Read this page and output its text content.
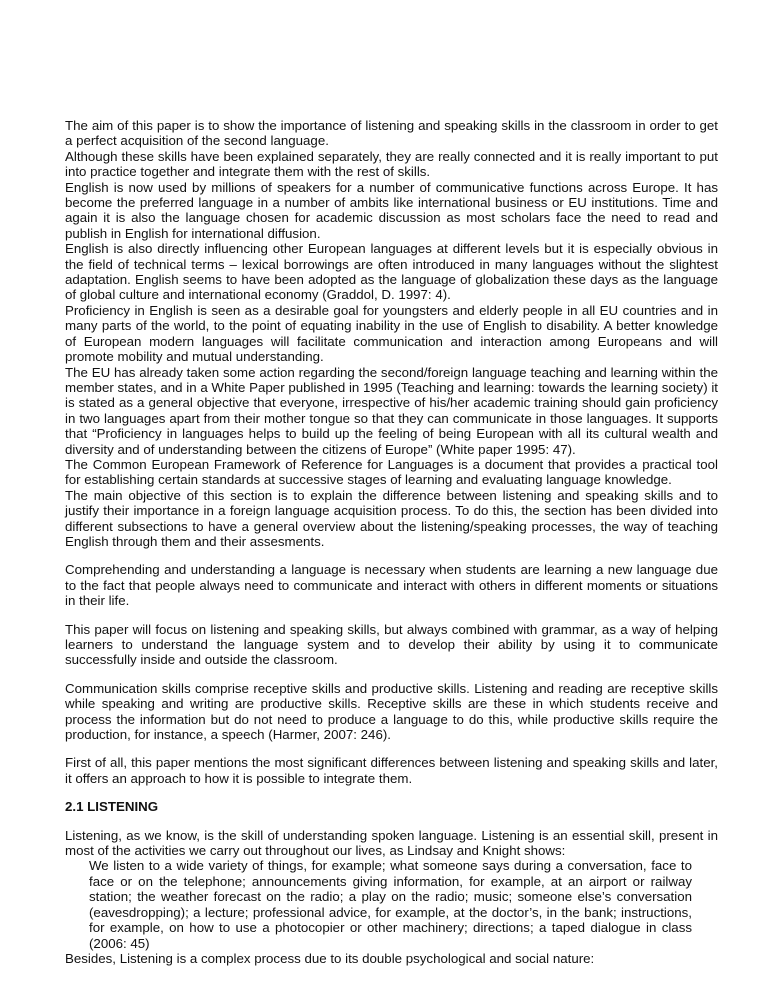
The aim of this paper is to show the importance of listening and speaking skills in the classroom in order to get a perfect acquisition of the second language.

Although these skills have been explained separately, they are really connected and it is really important to put into practice together and integrate them with the rest of skills.

English is now used by millions of speakers for a number of communicative functions across Europe. It has become the preferred language in a number of ambits like international business or EU institutions. Time and again it is also the language chosen for academic discussion as most scholars face the need to read and publish in English for international diffusion.

English is also directly influencing other European languages at different levels but it is especially obvious in the field of technical terms – lexical borrowings are often introduced in many languages without the slightest adaptation. English seems to have been adopted as the language of globalization these days as the language of global culture and international economy (Graddol, D. 1997: 4).

Proficiency in English is seen as a desirable goal for youngsters and elderly people in all EU countries and in many parts of the world, to the point of equating inability in the use of English to disability. A better knowledge of European modern languages will facilitate communication and interaction among Europeans and will promote mobility and mutual understanding.

The EU has already taken some action regarding the second/foreign language teaching and learning within the member states, and in a White Paper published in 1995 (Teaching and learning: towards the learning society) it is stated as a general objective that everyone, irrespective of his/her academic training should gain proficiency in two languages apart from their mother tongue so that they can communicate in those languages. It supports that “Proficiency in languages helps to build up the feeling of being European with all its cultural wealth and diversity and of understanding between the citizens of Europe” (White paper 1995: 47).

The Common European Framework of Reference for Languages is a document that provides a practical tool for establishing certain standards at successive stages of learning and evaluating language knowledge.

The main objective of this section is to explain the difference between listening and speaking skills and to justify their importance in a foreign language acquisition process. To do this, the section has been divided into different subsections to have a general overview about the listening/speaking processes, the way of teaching English through them and their assesments.

Comprehending and understanding a language is necessary when students are learning a new language due to the fact that people always need to communicate and interact with others in different moments or situations in their life.

This paper will focus on listening and speaking skills, but always combined with grammar, as a way of helping learners to understand the language system and to develop their ability by using it to communicate successfully inside and outside the classroom.

Communication skills comprise receptive skills and productive skills. Listening and reading are receptive skills while speaking and writing are productive skills. Receptive skills are these in which students receive and process the information but do not need to produce a language to do this, while productive skills require the production, for instance, a speech (Harmer, 2007: 246).

First of all, this paper mentions the most significant differences between listening and speaking skills and later, it offers an approach to how it is possible to integrate them.

2.1 LISTENING

Listening, as we know, is the skill of understanding spoken language. Listening is an essential skill, present in most of the activities we carry out throughout our lives, as Lindsay and Knight shows:

We listen to a wide variety of things, for example; what someone says during a conversation, face to face or on the telephone; announcements giving information, for example, at an airport or railway station; the weather forecast on the radio; a play on the radio; music; someone else’s conversation (eavesdropping); a lecture; professional advice, for example, at the doctor’s, in the bank; instructions, for example, on how to use a photocopier or other machinery; directions; a taped dialogue in class (2006: 45)

Besides, Listening is a complex process due to its double psychological and social nature:
